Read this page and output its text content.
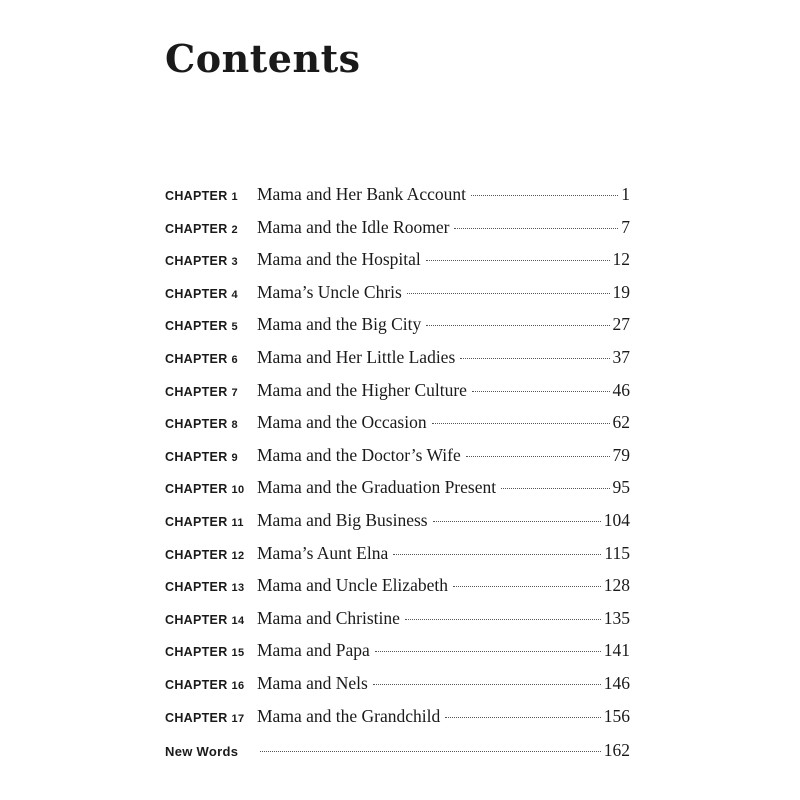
Contents
CHAPTER 1	Mama and Her Bank Account	1
CHAPTER 2	Mama and the Idle Roomer	7
CHAPTER 3	Mama and the Hospital	12
CHAPTER 4	Mama’s Uncle Chris	19
CHAPTER 5	Mama and the Big City	27
CHAPTER 6	Mama and Her Little Ladies	37
CHAPTER 7	Mama and the Higher Culture	46
CHAPTER 8	Mama and the Occasion	62
CHAPTER 9	Mama and the Doctor’s Wife	79
CHAPTER 10 Mama and the Graduation Present	95
CHAPTER 11 Mama and Big Business	104
CHAPTER 12 Mama’s Aunt Elna	115
CHAPTER 13 Mama and Uncle Elizabeth	128
CHAPTER 14 Mama and Christine	135
CHAPTER 15 Mama and Papa	141
CHAPTER 16 Mama and Nels	146
CHAPTER 17 Mama and the Grandchild	156
New Words	162
